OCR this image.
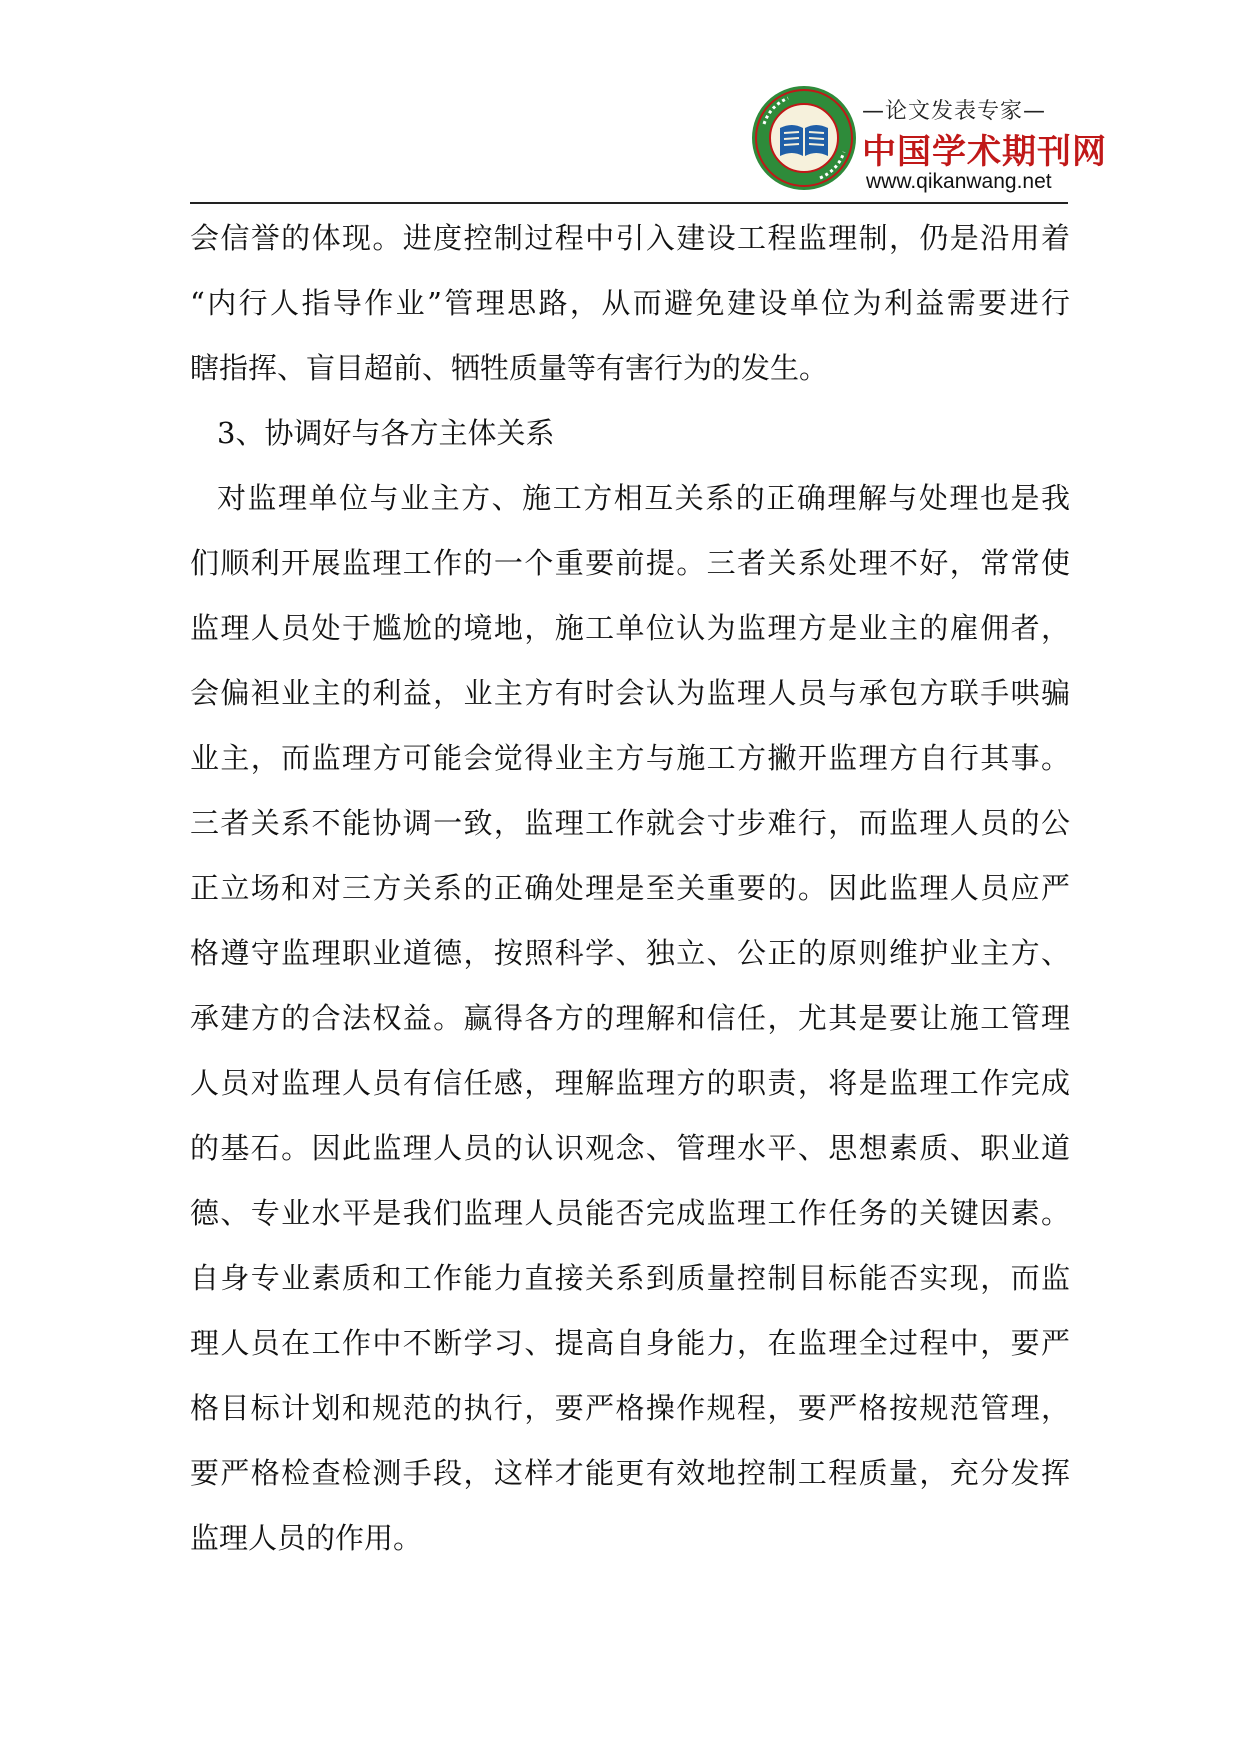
—论文发表专家—
中国学术期刊网
www.qikanwang.net
会信誉的体现。进度控制过程中引入建设工程监理制，仍是沿用着
“内行人指导作业”管理思路，从而避免建设单位为利益需要进行
瞎指挥、盲目超前、牺牲质量等有害行为的发生。
3、协调好与各方主体关系
对监理单位与业主方、施工方相互关系的正确理解与处理也是我
们顺利开展监理工作的一个重要前提。三者关系处理不好，常常使
监理人员处于尴尬的境地，施工单位认为监理方是业主的雇佣者，
会偏袒业主的利益，业主方有时会认为监理人员与承包方联手哄骗
业主，而监理方可能会觉得业主方与施工方撇开监理方自行其事。
三者关系不能协调一致，监理工作就会寸步难行，而监理人员的公
正立场和对三方关系的正确处理是至关重要的。因此监理人员应严
格遵守监理职业道德，按照科学、独立、公正的原则维护业主方、
承建方的合法权益。赢得各方的理解和信任，尤其是要让施工管理
人员对监理人员有信任感，理解监理方的职责，将是监理工作完成
的基石。因此监理人员的认识观念、管理水平、思想素质、职业道
德、专业水平是我们监理人员能否完成监理工作任务的关键因素。
自身专业素质和工作能力直接关系到质量控制目标能否实现，而监
理人员在工作中不断学习、提高自身能力，在监理全过程中，要严
格目标计划和规范的执行，要严格操作规程，要严格按规范管理，
要严格检查检测手段，这样才能更有效地控制工程质量，充分发挥
监理人员的作用。
